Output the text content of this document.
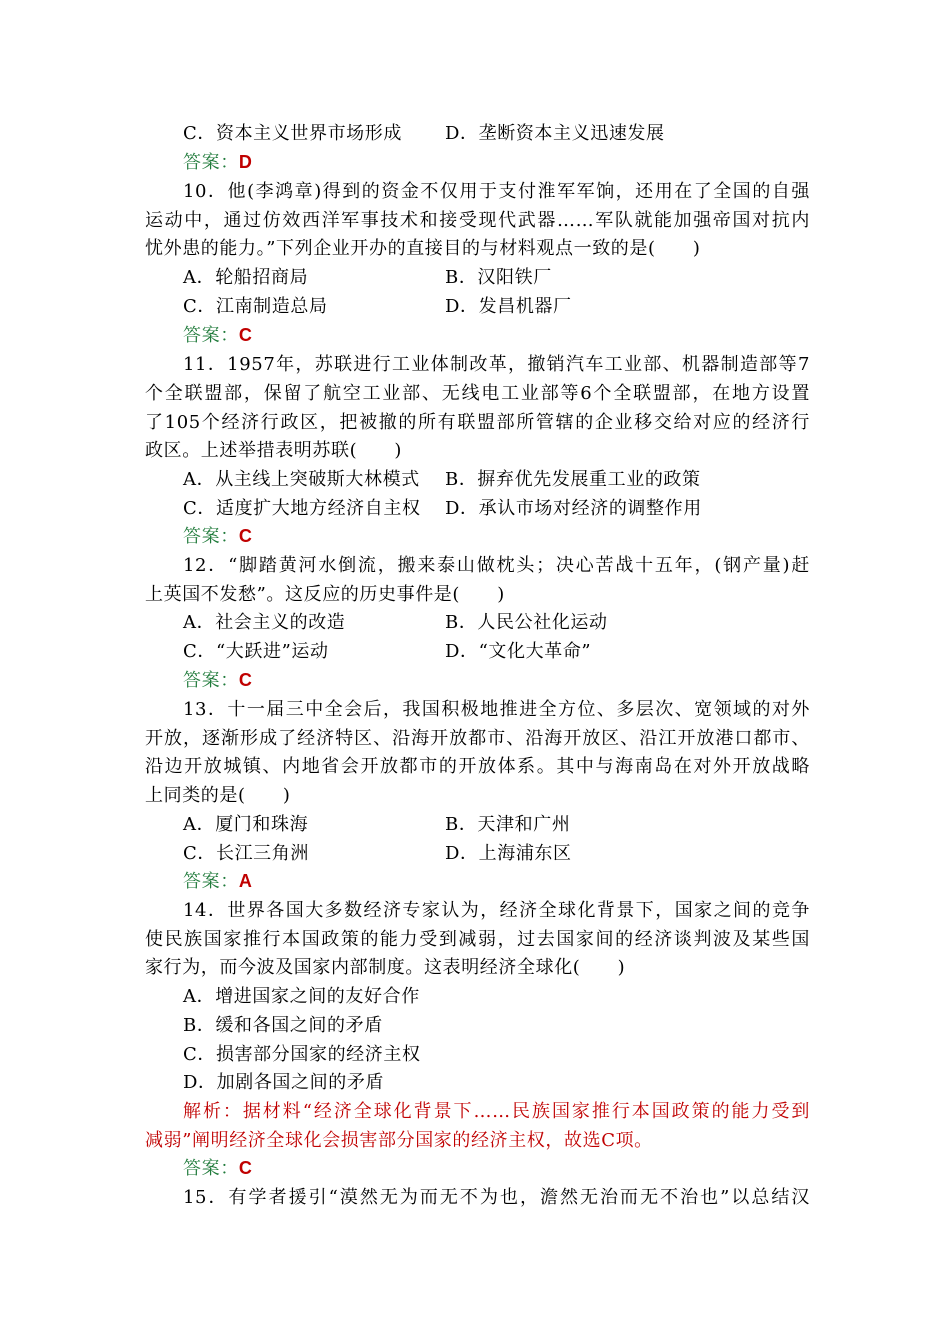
C．资本主义世界市场形成 D．垄断资本主义迅速发展
答案：D
10．他(李鸿章)得到的资金不仅用于支付淮军军饷，还用在了全国的自强
运动中，通过仿效西洋军事技术和接受现代武器……军队就能加强帝国对抗内
忧外患的能力。”下列企业开办的直接目的与材料观点一致的是(　　)
A．轮船招商局	B．汉阳铁厂
C．江南制造总局	D．发昌机器厂
答案：C
11．1957年，苏联进行工业体制改革，撤销汽车工业部、机器制造部等7
个全联盟部，保留了航空工业部、无线电工业部等6个全联盟部，在地方设置
了105个经济行政区，把被撤的所有联盟部所管辖的企业移交给对应的经济行
政区。上述举措表明苏联(　　)
A．从主线上突破斯大林模式 B．摒弃优先发展重工业的政策
C．适度扩大地方经济自主权 D．承认市场对经济的调整作用
答案：C
12．“脚踏黄河水倒流，搬来泰山做枕头；决心苦战十五年，(钢产量)赶
上英国不发愁”。这反应的历史事件是(　　)
A．社会主义的改造	B．人民公社化运动
C．“大跃进”运动	D．“文化大革命”
答案：C
13．十一届三中全会后，我国积极地推进全方位、多层次、宽领域的对外
开放，逐渐形成了经济特区、沿海开放都市、沿海开放区、沿江开放港口都市、
沿边开放城镇、内地省会开放都市的开放体系。其中与海南岛在对外开放战略
上同类的是(　　)
A．厦门和珠海	B．天津和广州
C．长江三角洲	D．上海浦东区
答案：A
14．世界各国大多数经济专家认为，经济全球化背景下，国家之间的竞争
使民族国家推行本国政策的能力受到减弱，过去国家间的经济谈判波及某些国
家行为，而今波及国家内部制度。这表明经济全球化(　　)
A．增进国家之间的友好合作
B．缓和各国之间的矛盾
C．损害部分国家的经济主权
D．加剧各国之间的矛盾
解析：据材料“经济全球化背景下……民族国家推行本国政策的能力受到
减弱”阐明经济全球化会损害部分国家的经济主权，故选C项。
答案：C
15．有学者援引“漠然无为而无不为也，澹然无治而无不治也”以总结汉
